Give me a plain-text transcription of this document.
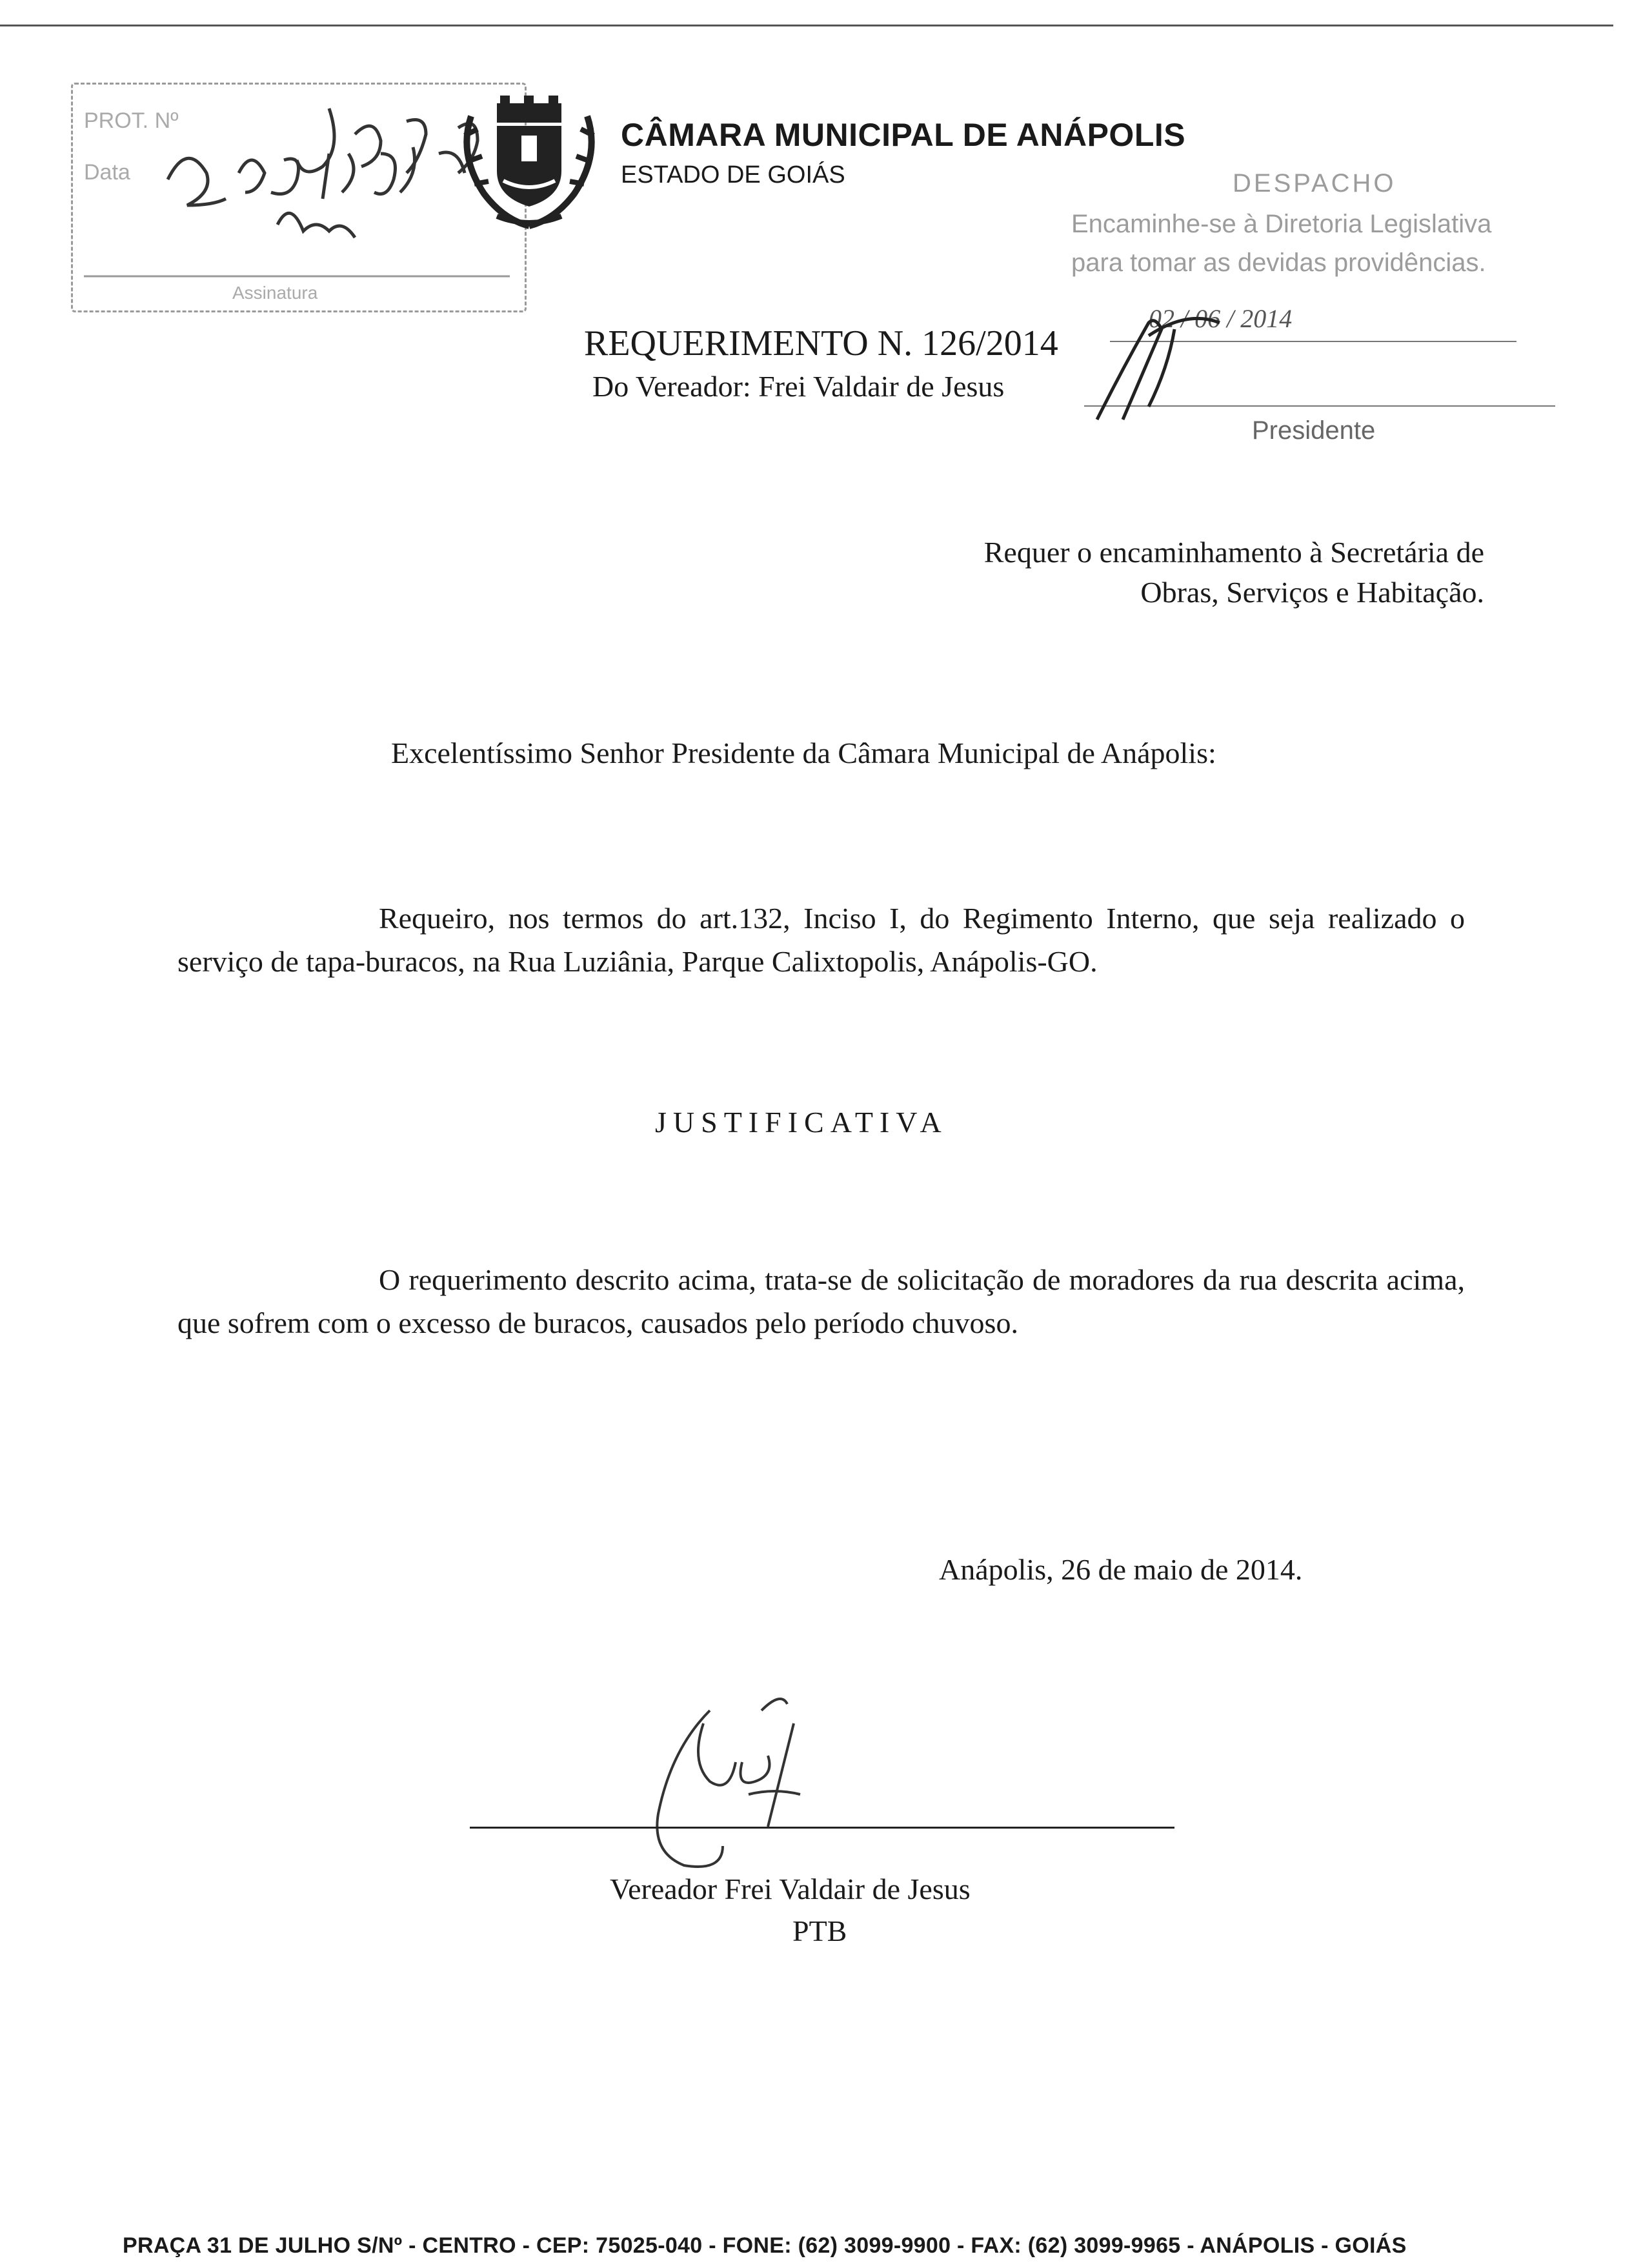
PROT. Nº
Data
Assinatura
CÂMARA MUNICIPAL DE ANÁPOLIS
ESTADO DE GOIÁS	DESPACHO
Encaminhe-se à Diretoria Legislativa
para tomar as devidas providências.
02 / 06 / 2014
Presidente
REQUERIMENTO N. 126/2014
Do Vereador: Frei Valdair de Jesus
Requer o encaminhamento à Secretária de
Obras, Serviços e Habitação.
Excelentíssimo Senhor Presidente da Câmara Municipal de Anápolis:
Requeiro, nos termos do art.132, Inciso I, do Regimento Interno, que seja realizado o serviço de tapa-buracos, na Rua Luziânia, Parque Calixtopolis, Anápolis-GO.
JUSTIFICATIVA
O requerimento descrito acima, trata-se de solicitação de moradores da rua descrita acima, que sofrem com o excesso de buracos, causados pelo período chuvoso.
Anápolis, 26 de maio de 2014.
Vereador Frei Valdair de Jesus
PTB
PRAÇA 31 DE JULHO S/Nº - CENTRO - CEP: 75025-040 - FONE: (62) 3099-9900 - FAX: (62) 3099-9965 - ANÁPOLIS - GOIÁS
